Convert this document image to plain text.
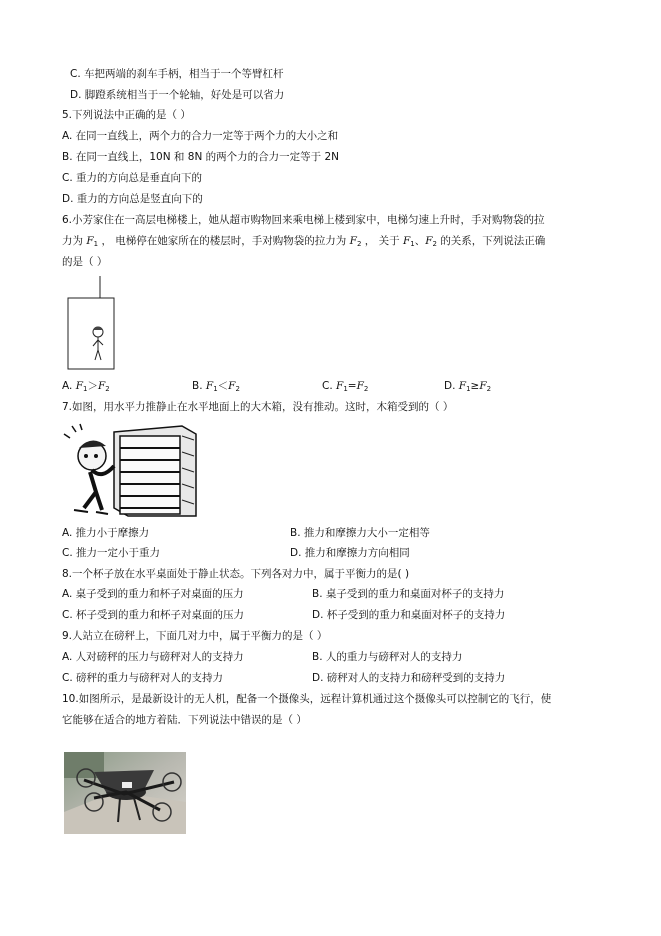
C. 车把两端的刹车手柄，相当于一个等臂杠杆
D. 脚蹬系统相当于一个轮轴，好处是可以省力
5.下列说法中正确的是（ ）
A. 在同一直线上，两个力的合力一定等于两个力的大小之和
B. 在同一直线上，10N 和 8N 的两个力的合力一定等于 2N
C. 重力的方向总是垂直向下的
D. 重力的方向总是竖直向下的
6.小芳家住在一高层电梯楼上，她从超市购物回来乘电梯上楼到家中，电梯匀速上升时，手对购物袋的拉
力为 $F_1$ ， 电梯停在她家所在的楼层时，手对购物袋的拉力为 $F_2$ ， 关于 $F_1$、$F_2$ 的关系，下列说法正确
的是（ ）
A. $F_1>F_2$	B. $F_1<F_2$	C. $F_1=F_2$	D. $F_1\ge F_2$
7.如图，用水平力推静止在水平地面上的大木箱，没有推动。这时，木箱受到的（ ）
A. 推力小于摩擦力	B. 推力和摩擦力大小一定相等
C. 推力一定小于重力	D. 推力和摩擦力方向相同
8.一个杯子放在水平桌面处于静止状态。下列各对力中，属于平衡力的是( )
A. 桌子受到的重力和杯子对桌面的压力	B. 桌子受到的重力和桌面对杯子的支持力
C. 杯子受到的重力和杯子对桌面的压力	D. 杯子受到的重力和桌面对杯子的支持力
9.人站立在磅秤上，下面几对力中，属于平衡力的是（ ）
A. 人对磅秤的压力与磅秤对人的支持力	B. 人的重力与磅秤对人的支持力
C. 磅秤的重力与磅秤对人的支持力	D. 磅秤对人的支持力和磅秤受到的支持力
10.如图所示，是最新设计的无人机，配备一个摄像头，远程计算机通过这个摄像头可以控制它的飞行，使
它能够在适合的地方着陆．下列说法中错误的是（ ）
